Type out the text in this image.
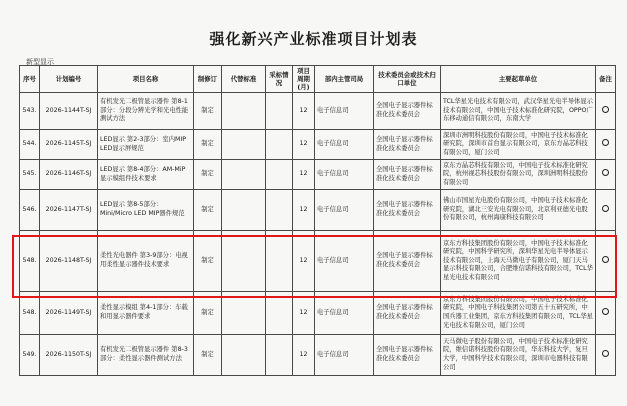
强化新兴产业标准项目计划表
新型显示
序号	计划编号	项目名称	制修订	代替标准	采标情况	项目周期(月)	部内主管司局	技术委员会或技术归口单位	主要起草单位	备注
543.	2026-1144T-SJ	有机发光二极管显示器件 第8-1部分：分段分辨光学和光电性能测试方法	制定			12	电子信息司	全国电子显示器件标准化技术委员会	TCL华星光电技术有限公司，武汉华星光电半导体显示技术有限公司，中国电子技术标准化研究院，OPPO广东移动通信有限公司，东南大学	
544.	2026-1145T-SJ	LED显示 第2-3部分：室内MIP LED显示屏规范	制定			12	电子信息司	全国电子显示器件标准化技术委员会	深圳市洲明科技股份有限公司，中国电子技术标准化研究院，深圳市首台显示有限公司，京东方晶芯科技有限公司，厦门公司	
545.	2026-1146T-SJ	LED显示 第8-4部分：AM-MiP显示模组件技术要求	制定			12	电子信息司	全国电子显示器件标准化技术委员会	京东方晶芯科技有限公司，中国电子技术标准化研究院，杭州视芯科技股份有限公司，深圳洲明科技股份有限公司	
546.	2026-1147T-SJ	LED显示 第8-5部分：Mini/Micro LED MIP器件规范	制定			12	电子信息司	全国电子显示器件标准化技术委员会	佛山市国星光电股份有限公司，中国电子技术标准化研究院，湖北三安光电有限公司，北京利亚德光电股份有限公司，杭州海康科技有限公司	
548.	2026-1148T-SJ	柔性光电器件 第3-9部分：电视用柔性显示器件技术要求	制定			12	电子信息司	全国电子显示器件标准化技术委员会	京东方科技集团股份有限公司，中国电子技术标准化研究院，中国科学研究所，深圳华星光电半导体显示技术有限公司，上海天马微电子有限公司，厦门天马显示科技有限公司，合肥维信诺科技有限公司，TCL华星光电技术有限公司	
548.	2026-1149T-SJ	柔性显示模组 第4-1部分：车载和用显示器件要求	制定			12	电子信息司	全国电子显示器件标准化技术委员会	京东方科技集团股份有限公司，中国电子技术标准化研究院，中国电子科技集团公司第五十五研究所，中国兵器工业集团，京东方科技集团有限公司，TCL华星光电技术有限公司，厦门公司	
549.	2026-1150T-SJ	有机发光二极管显示器件 第8-3部分：柔性显示器件测试方法	制定			12	电子信息司	全国电子显示器件标准化技术委员会	天马微电子股份有限公司，中国电子技术标准化研究院，维信诺科技股份有限公司，华东科技大学，复旦大学，中国科学技术有限公司，深圳市电器科技有限公司	
